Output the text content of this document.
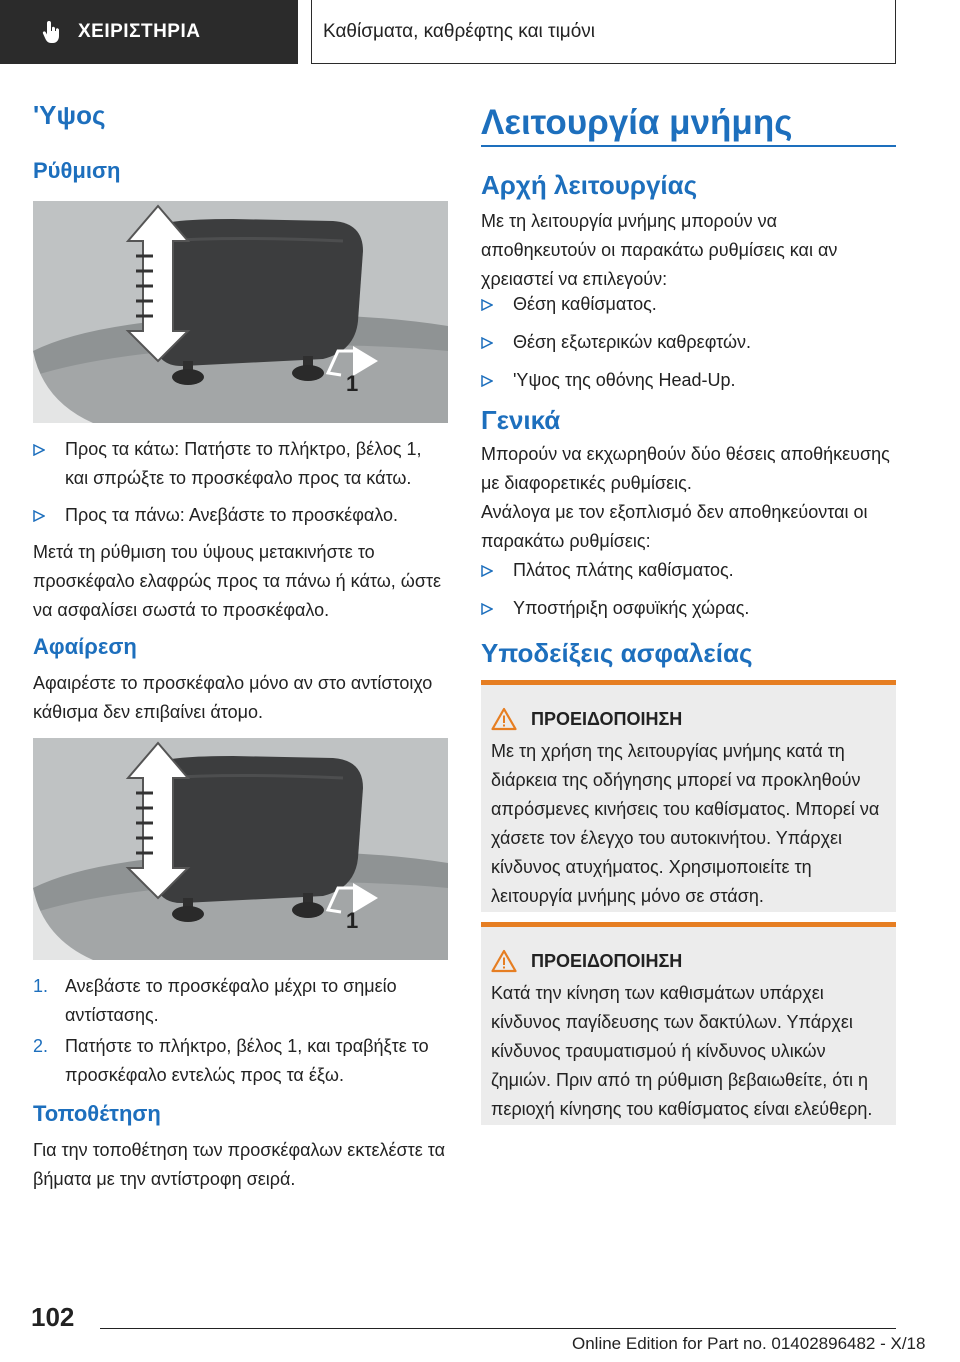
ΧΕΙΡΙΣΤΗΡΙΑ	Καθίσματα, καθρέφτης και τιμόνι
'Υψος
Ρύθμιση
1
Προς τα κάτω: Πατήστε το πλήκτρο, βέλος 1, και σπρώξτε το προσκέφαλο προς τα κάτω.
Προς τα πάνω: Ανεβάστε το προσκέφαλο.

Μετά τη ρύθμιση του ύψους μετακινήστε το προσκέφαλο ελαφρώς προς τα πάνω ή κάτω, ώστε να ασφαλίσει σωστά το προσκέφαλο.

Αφαίρεση

Αφαιρέστε το προσκέφαλο μόνο αν στο αντίστοιχο κάθισμα δεν επιβαίνει άτομο.

1
1. Ανεβάστε το προσκέφαλο μέχρι το σημείο αντίστασης.
2. Πατήστε το πλήκτρο, βέλος 1, και τραβήξτε το προσκέφαλο εντελώς προς τα έξω.
Τοποθέτηση

Για την τοποθέτηση των προσκέφαλων εκτελέστε τα βήματα με την αντίστροφη σειρά.

Λειτουργία μνήμης
Αρχή λειτουργίας

Με τη λειτουργία μνήμης μπορούν να αποθηκευτούν οι παρακάτω ρυθμίσεις και αν χρειαστεί να επιλεγούν:

Θέση καθίσματος.
Θέση εξωτερικών καθρεφτών.
'Υψος της οθόνης Head-Up.
Γενικά

Μπορούν να εκχωρηθούν δύο θέσεις αποθήκευσης με διαφορετικές ρυθμίσεις.

Ανάλογα με τον εξοπλισμό δεν αποθηκεύονται οι παρακάτω ρυθμίσεις:

Πλάτος πλάτης καθίσματος.
Υποστήριξη οσφυϊκής χώρας.
Υποδείξεις ασφαλείας
ΠΡΟΕΙΔΟΠΟΙΗΣΗ
Με τη χρήση της λειτουργίας μνήμης κατά τη διάρκεια της οδήγησης μπορεί να προκληθούν απρόσμενες κινήσεις του καθίσματος. Μπορεί να χάσετε τον έλεγχο του αυτοκινήτου. Υπάρχει κίνδυνος ατυχήματος. Χρησιμοποιείτε τη λειτουργία μνήμης μόνο σε στάση.
ΠΡΟΕΙΔΟΠΟΙΗΣΗ
Κατά την κίνηση των καθισμάτων υπάρχει κίνδυνος παγίδευσης των δακτύλων. Υπάρχει κίνδυνος τραυματισμού ή κίνδυνος υλικών ζημιών. Πριν από τη ρύθμιση βεβαιωθείτε, ότι η περιοχή κίνησης του καθίσματος είναι ελεύθερη.
102
Online Edition for Part no. 01402896482 - X/18
